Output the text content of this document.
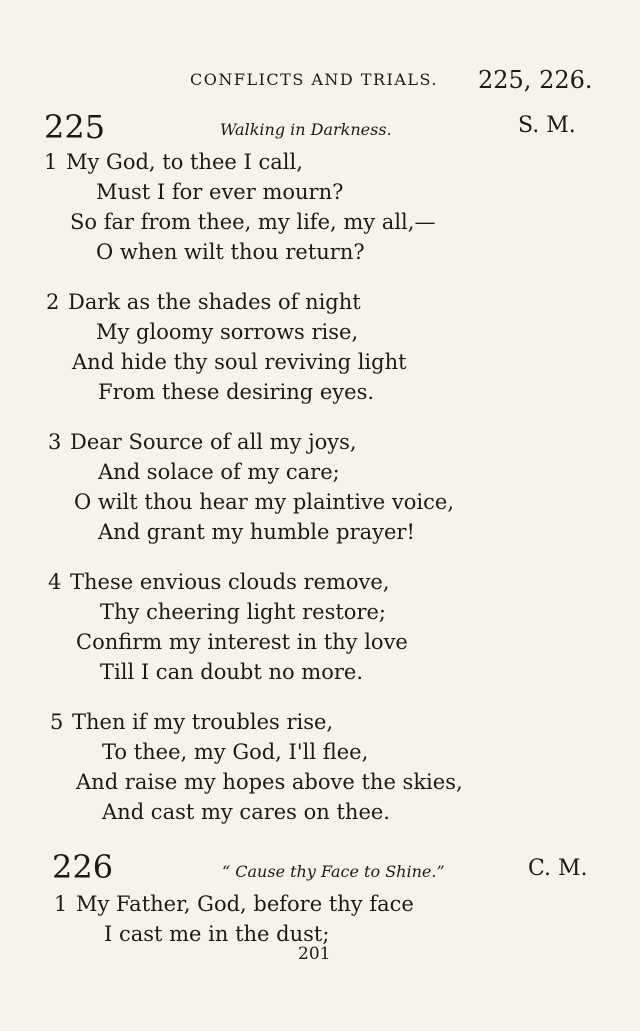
CONFLICTS AND TRIALS. 225, 226.
225	Walking in Darkness.	S. M.
1 My God, to thee I call,
Must I for ever mourn?
So far from thee, my life, my all,—
O when wilt thou return?
2 Dark as the shades of night
My gloomy sorrows rise,
And hide thy soul reviving light
From these desiring eyes.
3 Dear Source of all my joys,
And solace of my care;
O wilt thou hear my plaintive voice,
And grant my humble prayer!
4 These envious clouds remove,
Thy cheering light restore;
Confirm my interest in thy love
Till I can doubt no more.
5 Then if my troubles rise,
To thee, my God, I'll flee,
And raise my hopes above the skies,
And cast my cares on thee.
226	“ Cause thy Face to Shine.”	C. M.
1 My Father, God, before thy face
I cast me in the dust;
201
